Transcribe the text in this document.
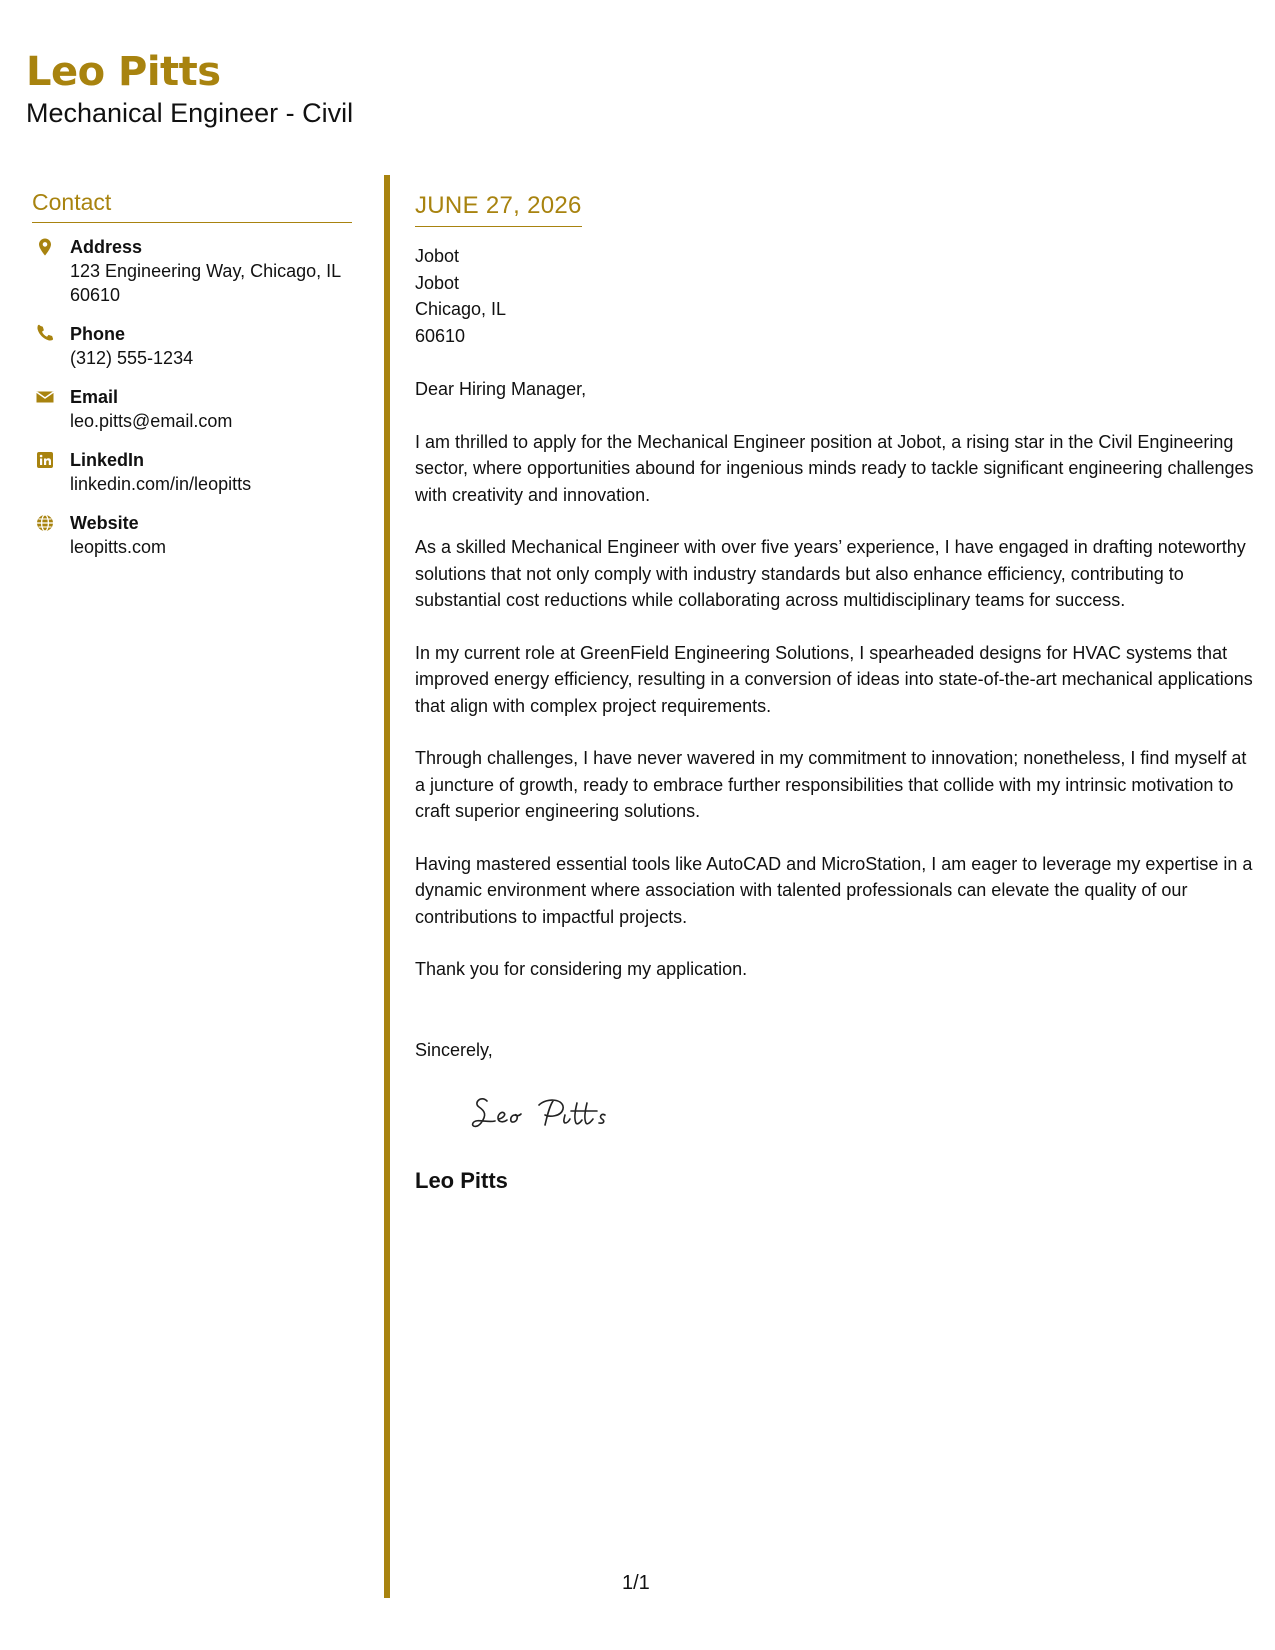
Leo Pitts
Mechanical Engineer - Civil
Contact
Address
123 Engineering Way, Chicago, IL 60610
Phone
(312) 555-1234
Email
leo.pitts@email.com
LinkedIn
linkedin.com/in/leopitts
Website
leopitts.com
JUNE 27, 2026
Jobot
Jobot
Chicago, IL
60610
Dear Hiring Manager,
I am thrilled to apply for the Mechanical Engineer position at Jobot, a rising star in the Civil Engineering sector, where opportunities abound for ingenious minds ready to tackle significant engineering challenges with creativity and innovation.
As a skilled Mechanical Engineer with over five years’ experience, I have engaged in drafting noteworthy solutions that not only comply with industry standards but also enhance efficiency, contributing to substantial cost reductions while collaborating across multidisciplinary teams for success.
In my current role at GreenField Engineering Solutions, I spearheaded designs for HVAC systems that improved energy efficiency, resulting in a conversion of ideas into state-of-the-art mechanical applications that align with complex project requirements.
Through challenges, I have never wavered in my commitment to innovation; nonetheless, I find myself at a juncture of growth, ready to embrace further responsibilities that collide with my intrinsic motivation to craft superior engineering solutions.
Having mastered essential tools like AutoCAD and MicroStation, I am eager to leverage my expertise in a dynamic environment where association with talented professionals can elevate the quality of our contributions to impactful projects.
Thank you for considering my application.
Sincerely,
Leo Pitts
1/1
